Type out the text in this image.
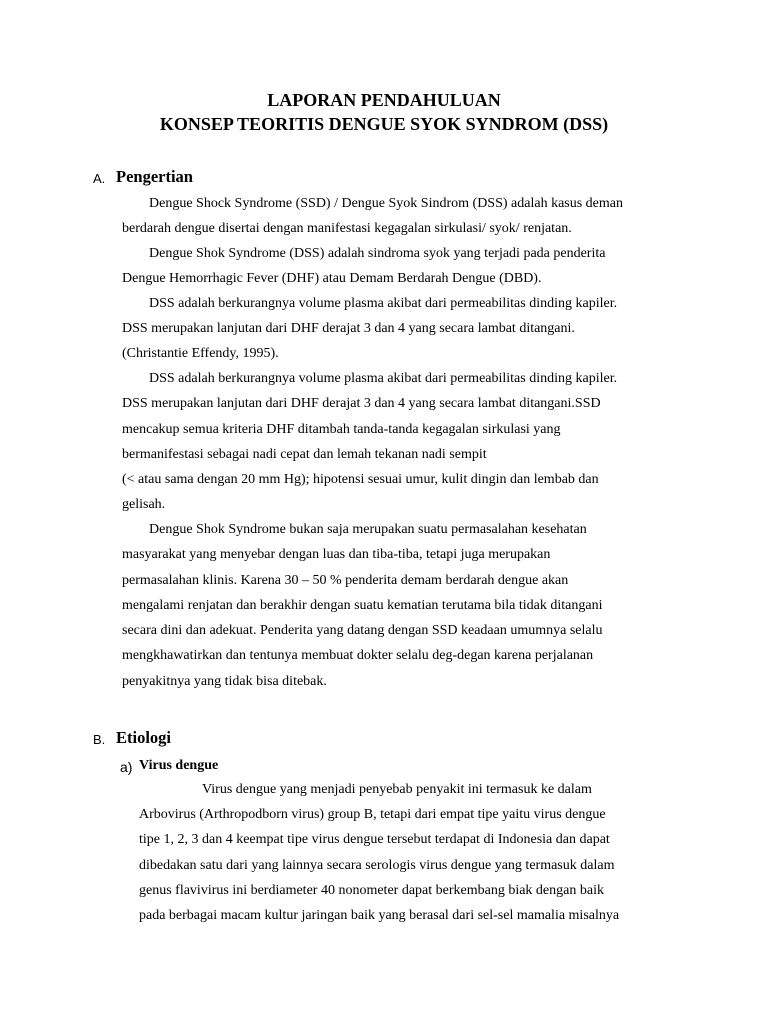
LAPORAN PENDAHULUAN
KONSEP TEORITIS DENGUE SYOK SYNDROM (DSS)
A. Pengertian
Dengue Shock Syndrome (SSD) / Dengue Syok Sindrom (DSS) adalah kasus deman
berdarah dengue disertai dengan manifestasi kegagalan sirkulasi/ syok/ renjatan.
Dengue Shok Syndrome (DSS) adalah sindroma syok yang terjadi pada penderita
Dengue Hemorrhagic Fever (DHF) atau Demam Berdarah Dengue (DBD).
DSS adalah berkurangnya volume plasma akibat dari permeabilitas dinding kapiler.
DSS merupakan lanjutan dari DHF derajat 3 dan 4 yang secara lambat ditangani.
(Christantie Effendy, 1995).
DSS adalah berkurangnya volume plasma akibat dari permeabilitas dinding kapiler.
DSS merupakan lanjutan dari DHF derajat 3 dan 4 yang secara lambat ditangani.SSD
mencakup semua kriteria DHF ditambah tanda-tanda kegagalan sirkulasi yang
bermanifestasi sebagai nadi cepat dan lemah tekanan nadi sempit
(< atau sama dengan 20 mm Hg); hipotensi sesuai umur, kulit dingin dan lembab dan
gelisah.
Dengue Shok Syndrome bukan saja merupakan suatu permasalahan kesehatan
masyarakat yang menyebar dengan luas dan tiba-tiba, tetapi juga merupakan
permasalahan klinis. Karena 30 – 50 % penderita demam berdarah dengue akan
mengalami renjatan dan berakhir dengan suatu kematian terutama bila tidak ditangani
secara dini dan adekuat. Penderita yang datang dengan SSD keadaan umumnya selalu
mengkhawatirkan dan tentunya membuat dokter selalu deg-degan karena perjalanan
penyakitnya yang tidak bisa ditebak.
B. Etiologi
a) Virus dengue
Virus dengue yang menjadi penyebab penyakit ini termasuk ke dalam
Arbovirus (Arthropodborn virus) group B, tetapi dari empat tipe yaitu virus dengue
tipe 1, 2, 3 dan 4 keempat tipe virus dengue tersebut terdapat di Indonesia dan dapat
dibedakan satu dari yang lainnya secara serologis virus dengue yang termasuk dalam
genus flavivirus ini berdiameter 40 nonometer dapat berkembang biak dengan baik
pada berbagai macam kultur jaringan baik yang berasal dari sel-sel mamalia misalnya
